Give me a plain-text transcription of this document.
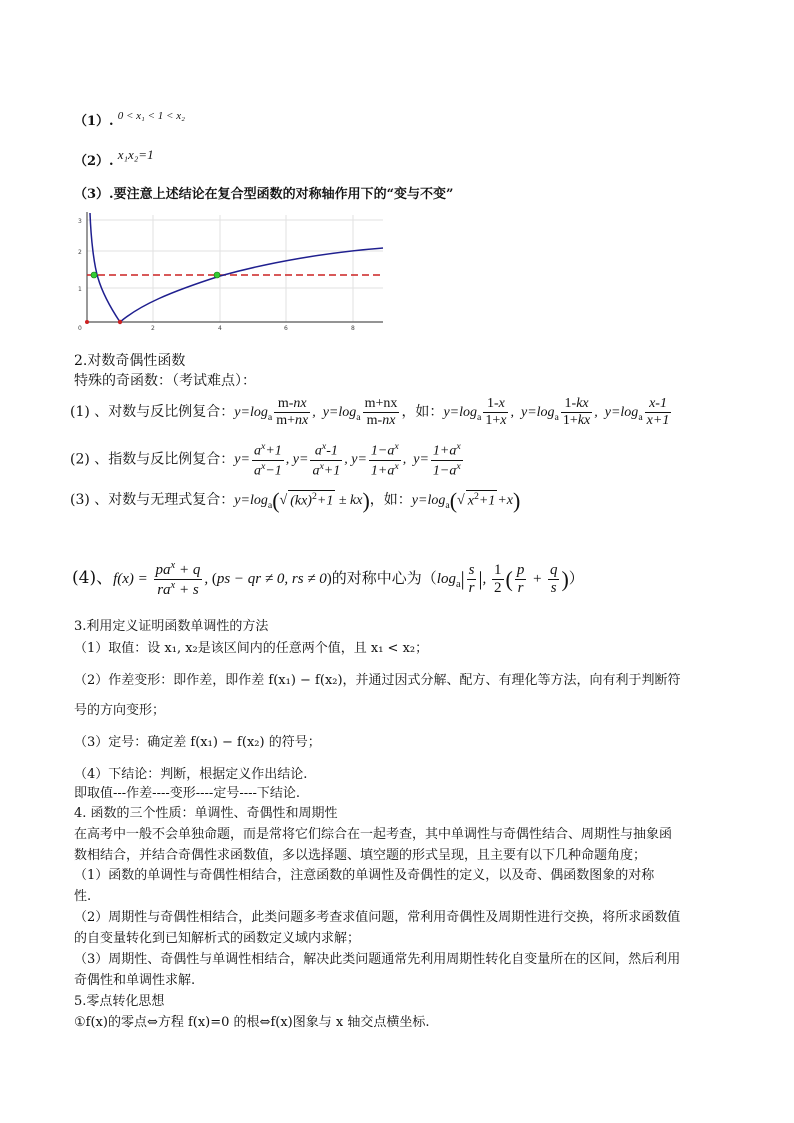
（1）. $^{0 < x_1 < 1 < x_2}$
（2）. x₁x₂=1
（3）.要注意上述结论在复合型函数的对称轴作用下的“变与不变”
3
2
1
0	2	4	6	8
2.对数奇偶性函数
特殊的奇函数：（考试难点）：
(1) 、对数与反比例复合：$y=\log_a \frac{m-nx}{m+nx}$ ,  $y=\log_a \frac{m+nx}{m-nx}$ ，如：$y=\log_a \frac{1-x}{1+x}$ ,  $y=\log_a \frac{1-kx}{1+kx}$ ,  $y=\log_a \frac{x-1}{x+1}$
(2) 、指数与反比例复合：$y= \frac{a^x+1}{a^x-1}$ , $y= \frac{a^x-1}{a^x+1}$ , $y= \frac{1-a^x}{1+a^x}$ ,  $y= \frac{1+a^x}{1-a^x}$
(3) 、对数与无理式复合：$y=\log_a(√$ (kx)$^2$+1 ± kx)，如：$y=\log_a(√$ $x^2+1 +x$)
(4)、$f(x) = \frac{pa^x + q}{ra^x + s}$ , (ps − qr ≠ 0, rs ≠ 0)的对称中心为（$\log_a| \frac{s}{r}$ |, $\frac{1}{2}$ ( $\frac{p}{r} + \frac{q}{s}$ )）
3.利用定义证明函数单调性的方法
（1）取值：设 x₁, x₂是该区间内的任意两个值，且 x₁ < x₂；
（2）作差变形：即作差，即作差 f(x₁) − f(x₂)，并通过因式分解、配方、有理化等方法，向有利于判断符
号的方向变形；
（3）定号：确定差 f(x₁) − f(x₂) 的符号；
（4）下结论：判断，根据定义作出结论.
即取值---作差----变形----定号----下结论.
4. 函数的三个性质：单调性、奇偶性和周期性
在高考中一般不会单独命题，而是常将它们综合在一起考查，其中单调性与奇偶性结合、周期性与抽象函
数相结合，并结合奇偶性求函数值，多以选择题、填空题的形式呈现，且主要有以下几种命题角度；
（1）函数的单调性与奇偶性相结合，注意函数的单调性及奇偶性的定义，以及奇、偶函数图象的对称
性.
（2）周期性与奇偶性相结合，此类问题多考查求值问题，常利用奇偶性及周期性进行交换，将所求函数值
的自变量转化到已知解析式的函数定义域内求解；
（3）周期性、奇偶性与单调性相结合，解决此类问题通常先利用周期性转化自变量所在的区间，然后利用
奇偶性和单调性求解.
5.零点转化思想
①f(x)的零点⇔方程 f(x)=0 的根⇔f(x)图象与 x 轴交点横坐标.
